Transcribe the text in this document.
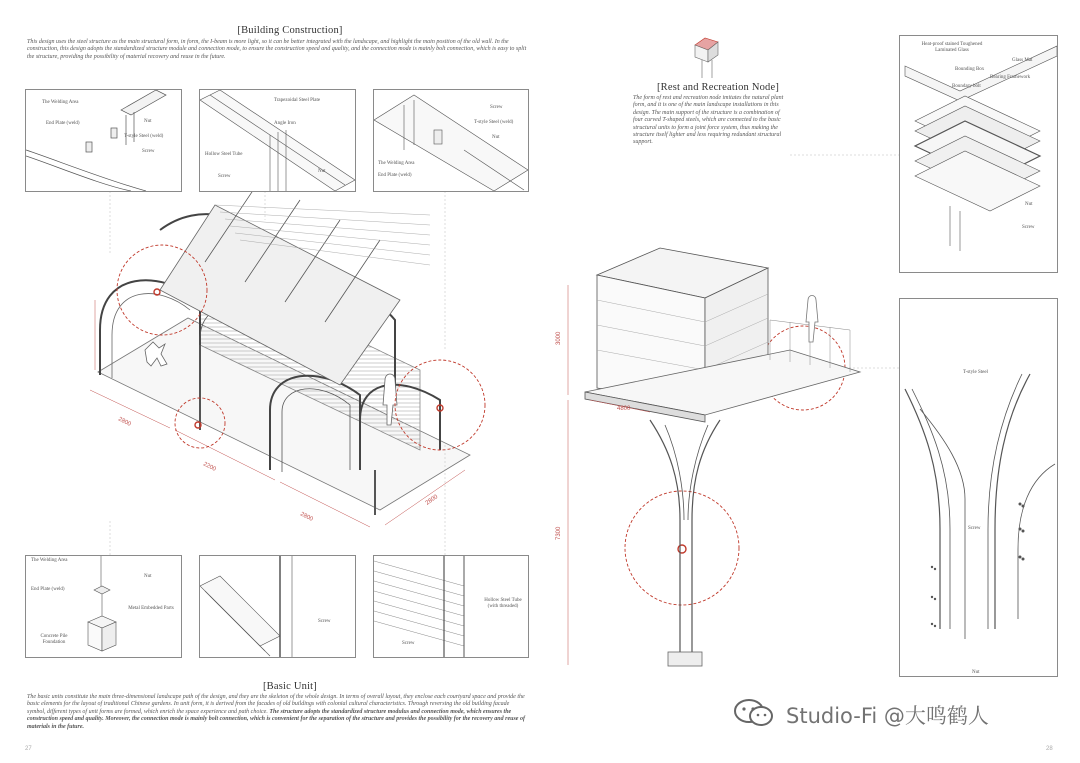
[Building Construction]
This design uses the steel structure as the main structural form, in form, the I-beam is more light, so it can be better integrated with the landscape, and highlight the main position of the old wall. In the construction, this design adopts the standardized structure module and connection mode, to ensure the construction speed and quality, and the connection mode is mainly bolt connection, which is easy to split the structure, providing the possibility of material recovery and reuse in the future.
[Rest and Recreation Node]
The form of rest and recreation node imitates the natural plant form, and it is one of the main landscape installations in this design. The main support of the structure is a combination of four curved T-shaped steels, which are connected to the basic structural units to form a joint force system, thus making the structure itself lighter and less requiring redundant structural support.
2800
2200
2800
2800
3000
7300
4800
The Welding Area
Nut
End Plate (weld)
T-style Steel (weld)
Screw
Trapezoidal Steel Plate
Angle Iron
Hollow Steel Tube
Screw
Nut
Screw
T-style Steel (weld)
Nut
The Welding Area
End Plate (weld)
The Welding Area
Nut
End Plate (weld)
Metal Embedded Parts
Concrete Pile Foundation
Screw
Hollow Steel Tube (with threaded)
Screw
[Basic Unit]
The basic units constitute the main three-dimensional landscape path of the design, and they are the skeleton of the whole design. In terms of overall layout, they enclose each courtyard space and provide the basic elements for the layout of traditional Chinese gardens. In unit form, it is derived from the facades of old buildings with colonial cultural characteristics. Through reversing the old building facade symbol, different types of unit forms are formed, which enrich the space experience and path choice. The structure adopts the standardized structure modulus and connection mode, which ensures the construction speed and quality. Moreover, the connection mode is mainly bolt connection, which is convenient for the separation of the structure and provides the possibility for the recovery and reuse of materials in the future.
Heat-proof stained Toughened Laminated Glass
Glass Mat
Bounding Box
Bearing Framework
Boundary bolt
Nut
Screw
T-style Steel
Screw
Nut
27	28
Studio-Fi @大鸣鹤人
